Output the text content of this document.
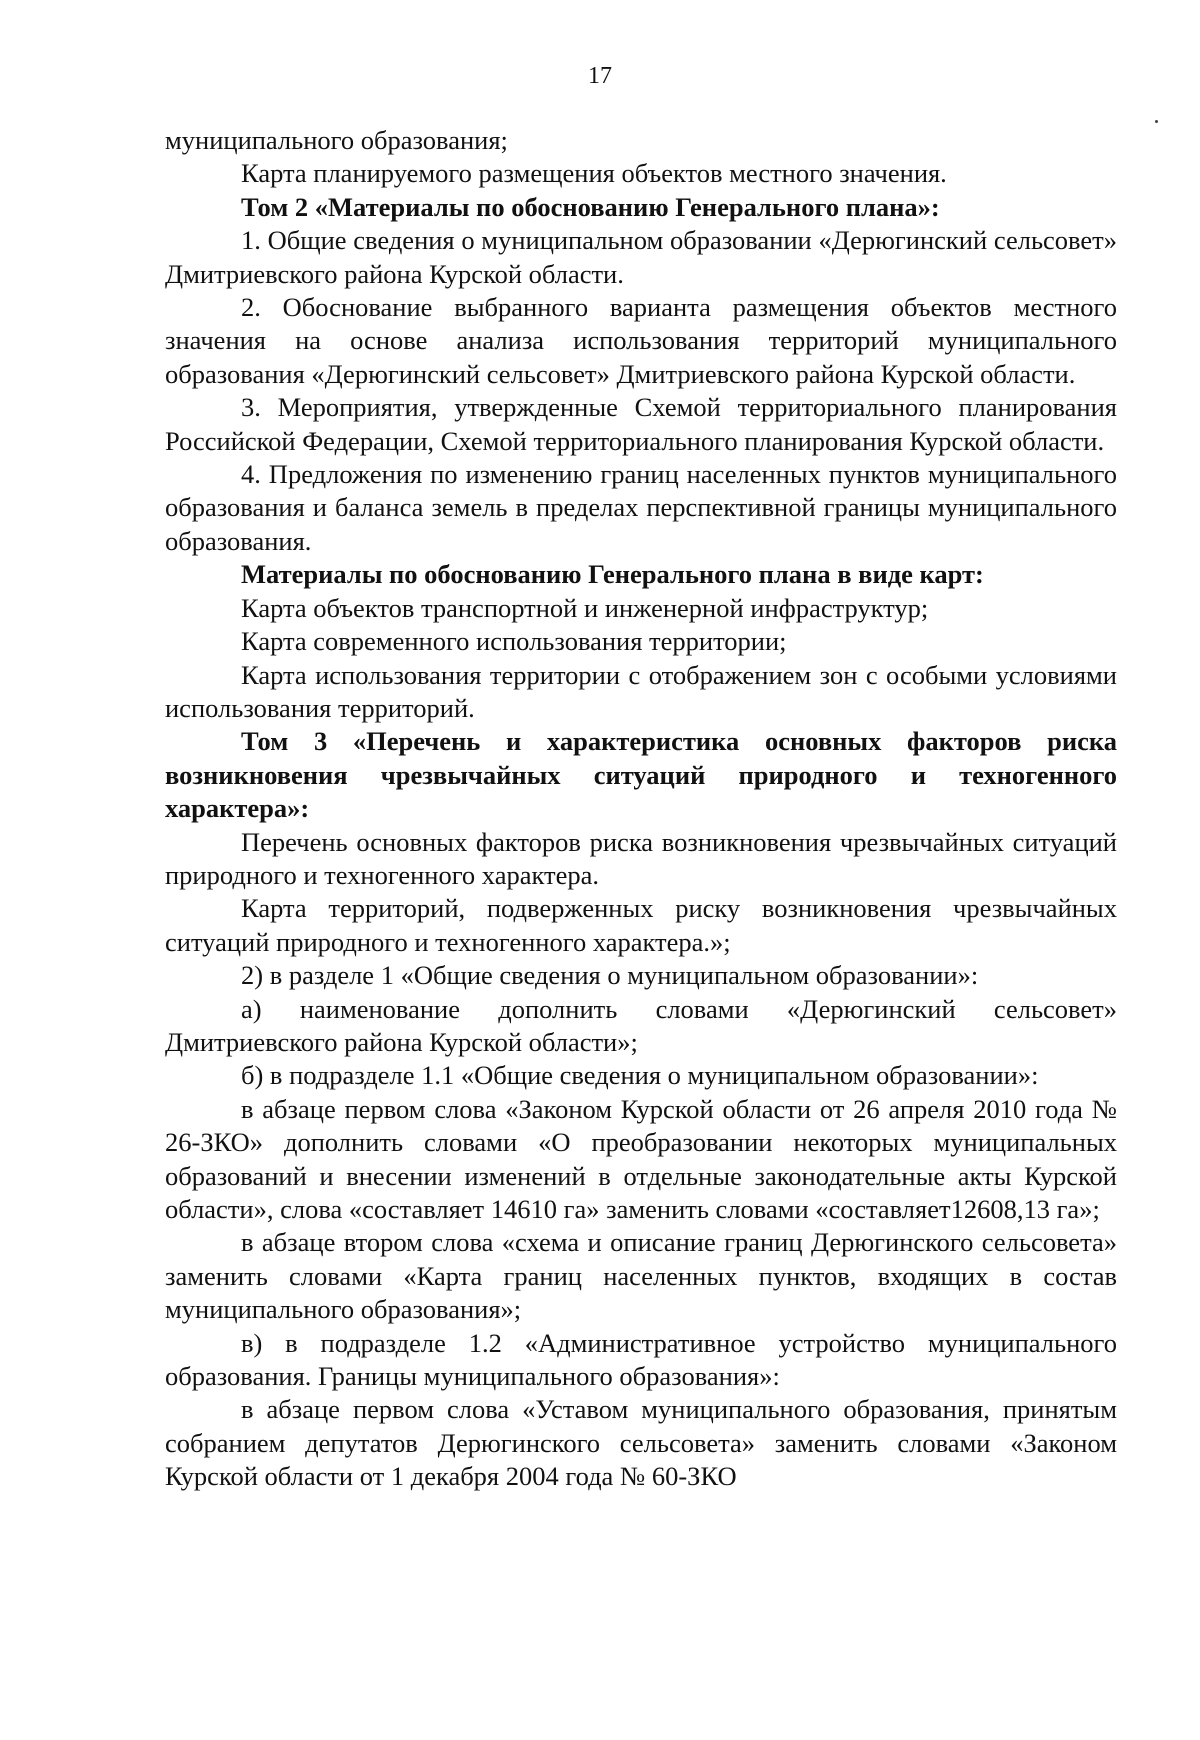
17

муниципального образования;

Карта планируемого размещения объектов местного значения.

Том 2 «Материалы по обоснованию Генерального плана»:

1. Общие сведения о муниципальном образовании «Дерюгинский сельсовет» Дмитриевского района Курской области.

2. Обоснование выбранного варианта размещения объектов местного значения на основе анализа использования территорий муниципального образования «Дерюгинский сельсовет» Дмитриевского района Курской области.

3. Мероприятия, утвержденные Схемой территориального планирования Российской Федерации, Схемой территориального планирования Курской области.

4. Предложения по изменению границ населенных пунктов муниципального образования и баланса земель в пределах перспективной границы муниципального образования.

Материалы по обоснованию Генерального плана в виде карт:

Карта объектов транспортной и инженерной инфраструктур;

Карта современного использования территории;

Карта использования территории с отображением зон с особыми условиями использования территорий.

Том 3 «Перечень и характеристика основных факторов риска возникновения чрезвычайных ситуаций природного и техногенного характера»:

Перечень основных факторов риска возникновения чрезвычайных ситуаций природного и техногенного характера.

Карта территорий, подверженных риску возникновения чрезвычайных ситуаций природного и техногенного характера.»;

2) в разделе 1 «Общие сведения о муниципальном образовании»:

а) наименование дополнить словами «Дерюгинский сельсовет» Дмитриевского района Курской области»;

б) в подразделе 1.1 «Общие сведения о муниципальном образовании»:

в абзаце первом слова «Законом Курской области от 26 апреля 2010 года № 26-ЗКО» дополнить словами «О преобразовании некоторых муниципальных образований и внесении изменений в отдельные законодательные акты Курской области», слова «составляет 14610 га» заменить словами «составляет12608,13 га»;

в абзаце втором слова «схема и описание границ Дерюгинского сельсовета» заменить словами «Карта границ населенных пунктов, входящих в состав муниципального образования»;

в) в подразделе 1.2 «Административное устройство муниципального образования. Границы муниципального образования»:

в абзаце первом слова «Уставом муниципального образования, принятым собранием депутатов Дерюгинского сельсовета» заменить словами «Законом Курской области от 1 декабря 2004 года № 60-ЗКО
